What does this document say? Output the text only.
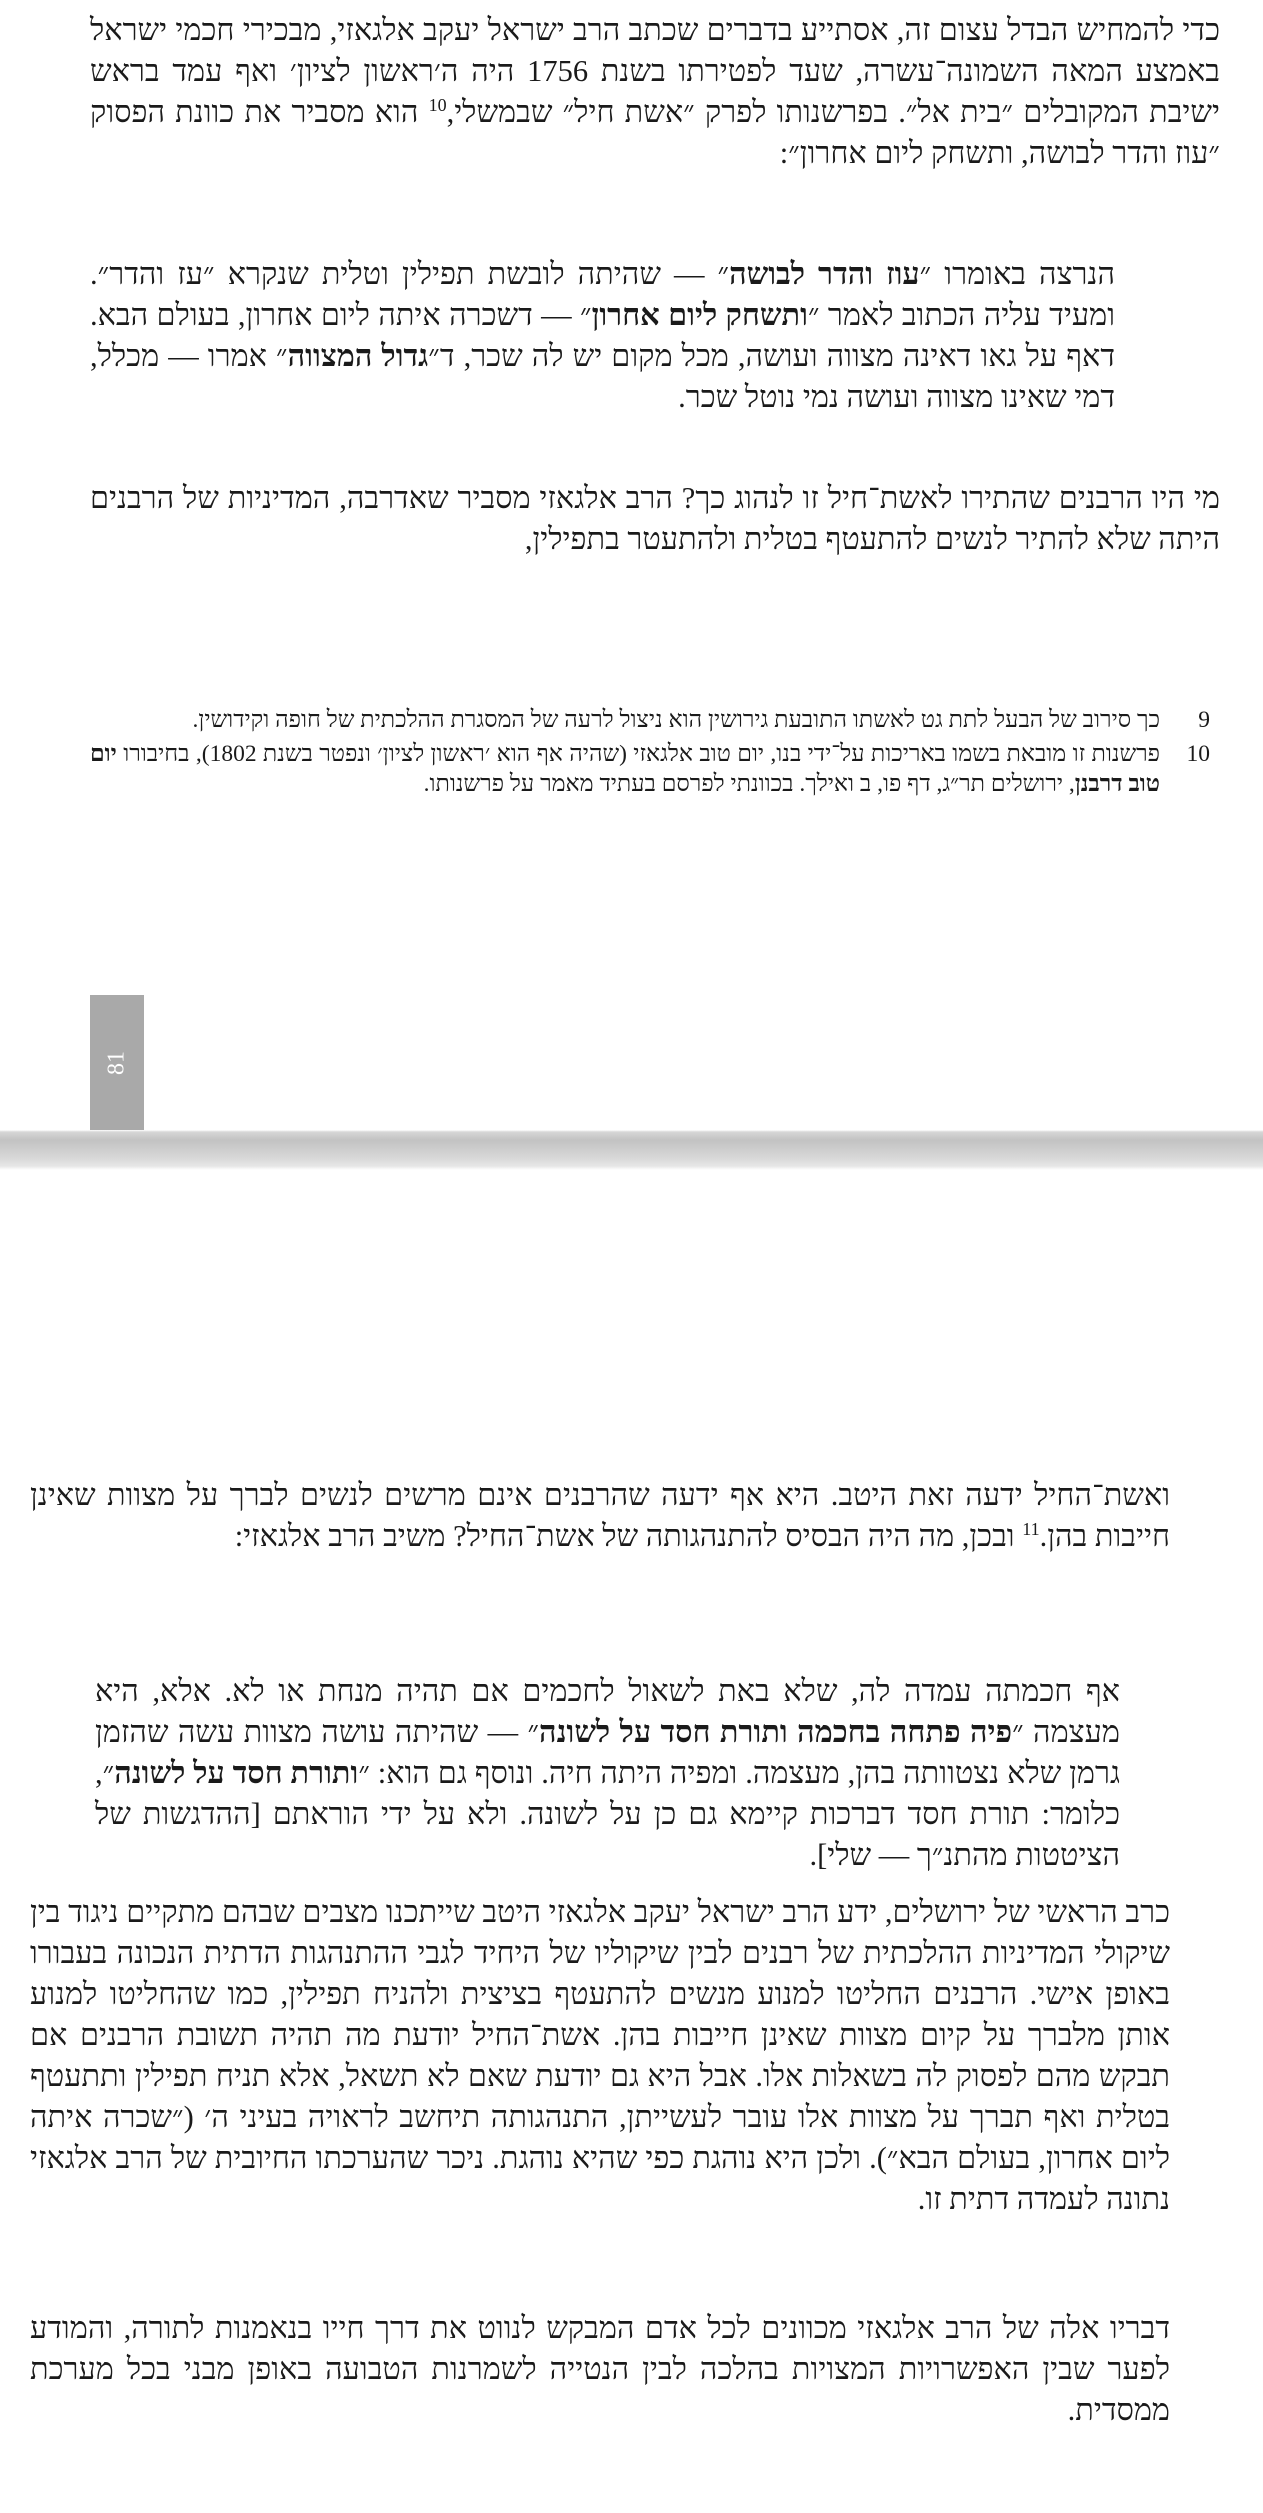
כדי להמחיש הבדל עצום זה, אסתייע בדברים שכתב הרב ישראל יעקב אלגאזי, מבכירי חכמי ישראל באמצע המאה השמונה־עשרה, שעד לפטירתו בשנת 1756 היה ה׳ראשון לציון׳ ואף עמד בראש ישיבת המקובלים ״בית אל״. בפרשנותו לפרק ״אשת חיל״ שבמשלי,$^{10}$ הוא מסביר את כוונת הפסוק ״עוז והדר לבושה, ותשחק ליום אחרון״:

הנרצה באומרו ״עוז והדר לבושה״ — שהיתה לובשת תפילין וטלית שנקרא ״עז והדר״. ומעיד עליה הכתוב לאמר ״ותשחק ליום אחרון״ — דשכרה איתה ליום אחרון, בעולם הבא. דאף על גאו דאינה מצווה ועושה, מכל מקום יש לה שכר, ד״גדול המצווה״ אמרו — מכלל, דמי שאינו מצווה ועושה נמי נוטל שכר.

מי היו הרבנים שהתירו לאשת־חיל זו לנהוג כך? הרב אלגאזי מסביר שאדרבה, המדיניות של הרבנים היתה שלא להתיר לנשים להתעטף בטלית ולהתעטר בתפילין,

9
כך סירוב של הבעל לתת גט לאשתו התובעת גירושין הוא ניצול לרעה של המסגרת ההלכתית של חופה וקידושין.
10
פרשנות זו מובאת בשמו באריכות על־ידי בנו, יום טוב אלגאזי (שהיה אף הוא ׳ראשון לציון׳ ונפטר בשנת 1802), בחיבורו יום טוב דרבנן, ירושלים תר״ג, דף פו, ב ואילך. בכוונתי לפרסם בעתיד מאמר על פרשנותו.
81

ואשת־החיל ידעה זאת היטב. היא אף ידעה שהרבנים אינם מרשים לנשים לברך על מצוות שאינן חייבות בהן.$^{11}$ ובכן, מה היה הבסיס להתנהגותה של אשת־החיל? משיב הרב אלגאזי:

אף חכמתה עמדה לה, שלא באת לשאול לחכמים אם תהיה מנחת או לא. אלא, היא מעצמה ״פיה פתחה בחכמה ותורת חסד על לשונה״ — שהיתה עושה מצוות עשה שהזמן גרמן שלא נצטוותה בהן, מעצמה. ומפיה היתה חיה. ונוסף גם הוא: ״ותורת חסד על לשונה״, כלומר: תורת חסד דברכות קיימא גם כן על לשונה. ולא על ידי הוראתם [ההדגשות של הציטטות מהתנ״ך — שלי].

כרב הראשי של ירושלים, ידע הרב ישראל יעקב אלגאזי היטב שייתכנו מצבים שבהם מתקיים ניגוד בין שיקולי המדיניות ההלכתית של רבנים לבין שיקוליו של היחיד לגבי ההתנהגות הדתית הנכונה בעבורו באופן אישי. הרבנים החליטו למנוע מנשים להתעטף בציצית ולהניח תפילין, כמו שהחליטו למנוע אותן מלברך על קיום מצוות שאינן חייבות בהן. אשת־החיל יודעת מה תהיה תשובת הרבנים אם תבקש מהם לפסוק לה בשאלות אלו. אבל היא גם יודעת שאם לא תשאל, אלא תניח תפילין ותתעטף בטלית ואף תברך על מצוות אלו עובר לעשייתן, התנהגותה תיחשב לראויה בעיני ה׳ (״שכרה איתה ליום אחרון, בעולם הבא״). ולכן היא נוהגת כפי שהיא נוהגת. ניכר שהערכתו החיובית של הרב אלגאזי נתונה לעמדה דתית זו.

דבריו אלה של הרב אלגאזי מכוונים לכל אדם המבקש לנווט את דרך חייו בנאמנות לתורה, והמודע לפער שבין האפשרויות המצויות בהלכה לבין הנטייה לשמרנות הטבועה באופן מבני בכל מערכת ממסדית.
